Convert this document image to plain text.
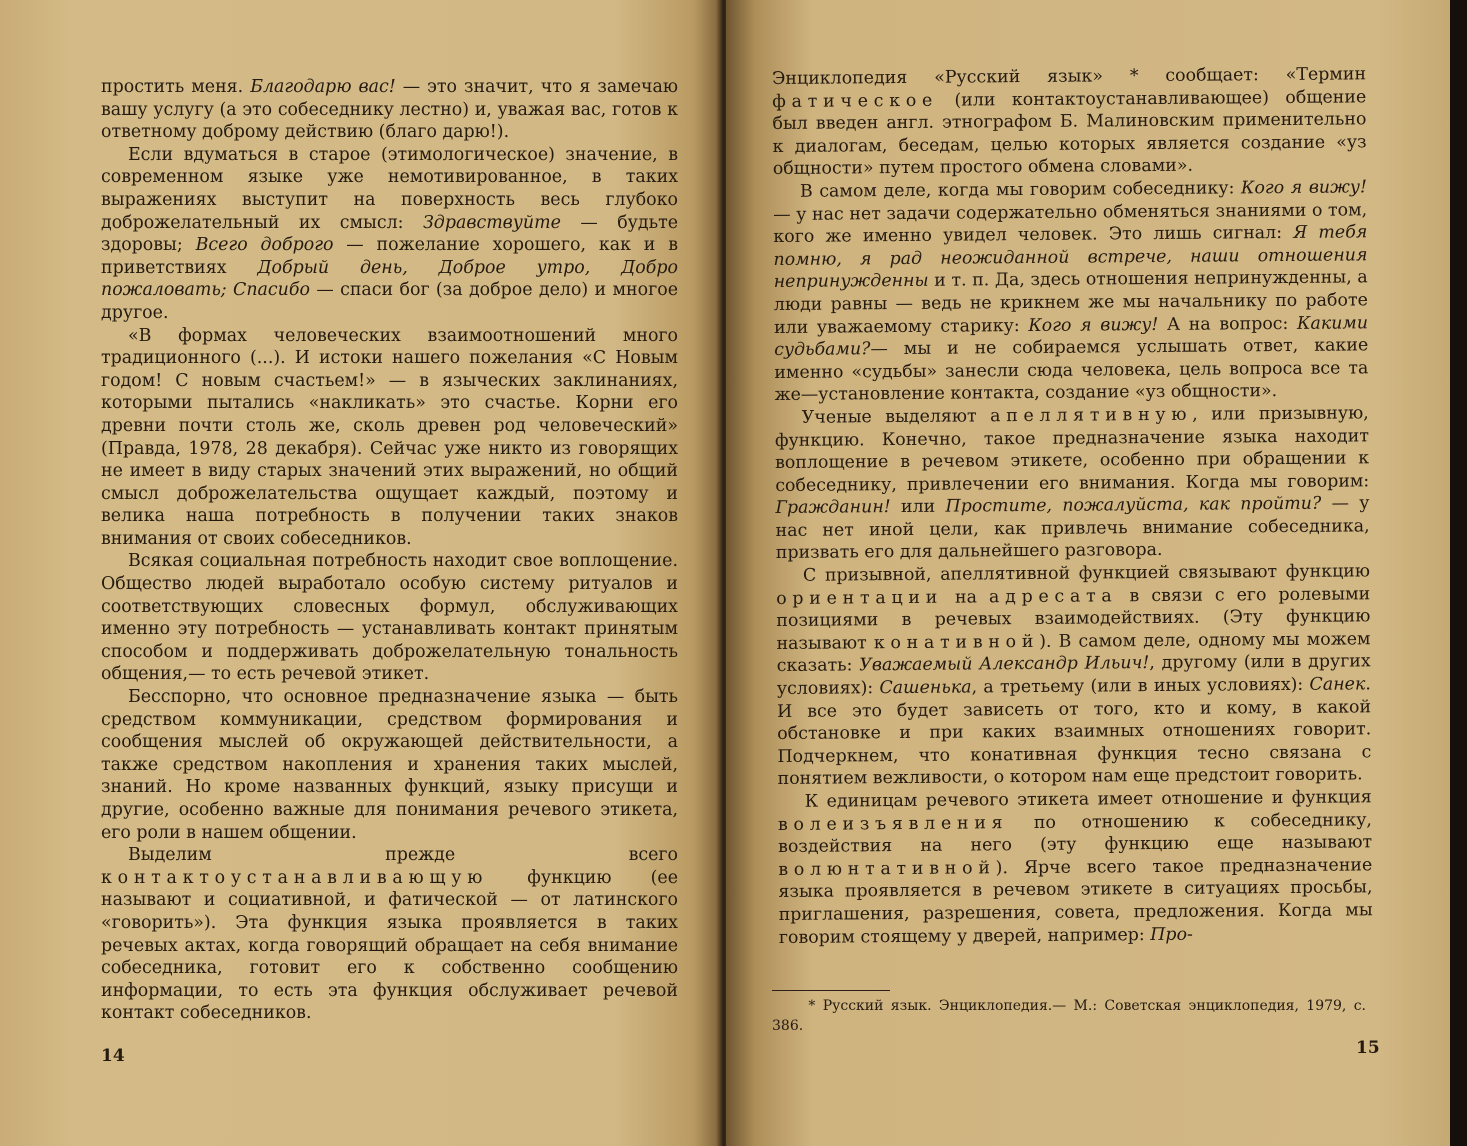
простить меня. Благодарю вас! — это значит, что я замечаю вашу услугу (а это собеседнику лестно) и, уважая вас, готов к ответному доброму действию (благо дарю!).

Если вдуматься в старое (этимологическое) значение, в современном языке уже немотивированное, в таких выражениях выступит на поверхность весь глубоко доброжелательный их смысл: Здравствуйте — будьте здоровы; Всего доброго — пожелание хорошего, как и в приветствиях Добрый день, Доброе утро, Добро пожаловать; Спасибо — спаси бог (за доброе дело) и многое другое.

«В формах человеческих взаимоотношений много традиционного (...). И истоки нашего пожелания «С Новым годом! С новым счастьем!» — в языческих заклинаниях, которыми пытались «накликать» это счастье. Корни его древни почти столь же, сколь древен род человеческий» (Правда, 1978, 28 декабря). Сейчас уже никто из говорящих не имеет в виду старых значений этих выражений, но общий смысл доброжелательства ощущает каждый, поэтому и велика наша потребность в получении таких знаков внимания от своих собеседников.

Всякая социальная потребность находит свое воплощение. Общество людей выработало особую систему ритуалов и соответствующих словесных формул, обслуживающих именно эту потребность — устанавливать контакт принятым способом и поддерживать доброжелательную тональность общения,— то есть речевой этикет.

Бесспорно, что основное предназначение языка — быть средством коммуникации, средством формирования и сообщения мыслей об окружающей действительности, а также средством накопления и хранения таких мыслей, знаний. Но кроме названных функций, языку присущи и другие, особенно важные для понимания речевого этикета, его роли в нашем общении.

Выделим прежде всего контактоустанавливающую функцию (ее называют и социативной, и фатической — от латинского «говорить»). Эта функция языка проявляется в таких речевых актах, когда говорящий обращает на себя внимание собеседника, готовит его к собственно сообщению информации, то есть эта функция обслуживает речевой контакт собеседников.

14

Энциклопедия «Русский язык» * сообщает: «Термин фатическое (или контактоустанавливающее) общение был введен англ. этнографом Б. Малиновским применительно к диалогам, беседам, целью которых является создание «уз общности» путем простого обмена словами».

В самом деле, когда мы говорим собеседнику: Кого я вижу! — у нас нет задачи содержательно обменяться знаниями о том, кого же именно увидел человек. Это лишь сигнал: Я тебя помню, я рад неожиданной встрече, наши отношения непринужденны и т. п. Да, здесь отношения непринужденны, а люди равны — ведь не крикнем же мы начальнику по работе или уважаемому старику: Кого я вижу! А на вопрос: Какими судьбами?— мы и не собираемся услышать ответ, какие именно «судьбы» занесли сюда человека, цель вопроса все та же—установление контакта, создание «уз общности».

Ученые выделяют апеллятивную, или призывную, функцию. Конечно, такое предназначение языка находит воплощение в речевом этикете, особенно при обращении к собеседнику, привлечении его внимания. Когда мы говорим: Гражданин! или Простите, пожалуйста, как пройти? — у нас нет иной цели, как привлечь внимание собеседника, призвать его для дальнейшего разговора.

С призывной, апеллятивной функцией связывают функцию ориентации на адресата в связи с его ролевыми позициями в речевых взаимодействиях. (Эту функцию называют конативной). В самом деле, одному мы можем сказать: Уважаемый Александр Ильич!, другому (или в других условиях): Сашенька, а третьему (или в иных условиях): Санек. И все это будет зависеть от того, кто и кому, в какой обстановке и при каких взаимных отношениях говорит. Подчеркнем, что конативная функция тесно связана с понятием вежливости, о котором нам еще предстоит говорить.

К единицам речевого этикета имеет отношение и функция волеизъявления по отношению к собеседнику, воздействия на него (эту функцию еще называют волюнтативной). Ярче всего такое предназначение языка проявляется в речевом этикете в ситуациях просьбы, приглашения, разрешения, совета, предложения. Когда мы говорим стоящему у дверей, например: Про-

* Русский язык. Энциклопедия.— М.: Советская энциклопедия, 1979, с. 386.
15
